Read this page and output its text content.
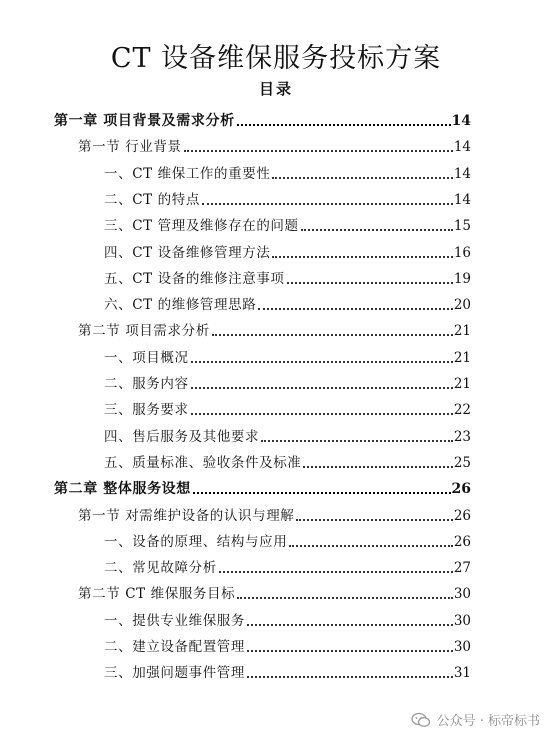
CT 设备维保服务投标方案
目录
第一章 项目背景及需求分析	14
第一节 行业背景	14
一、CT 维保工作的重要性	14
二、CT 的特点	14
三、CT 管理及维修存在的问题	15
四、CT 设备维修管理方法	16
五、CT 设备的维修注意事项	19
六、CT 的维修管理思路	20
第二节 项目需求分析	21
一、项目概况	21
二、服务内容	21
三、服务要求	22
四、售后服务及其他要求	23
五、质量标准、验收条件及标准	25
第二章 整体服务设想	26
第一节 对需维护设备的认识与理解	26
一、设备的原理、结构与应用	26
二、常见故障分析	27
第二节 CT 维保服务目标	30
一、提供专业维保服务	30
二、建立设备配置管理	30
三、加强问题事件管理	31
公众号 · 标帝标书
